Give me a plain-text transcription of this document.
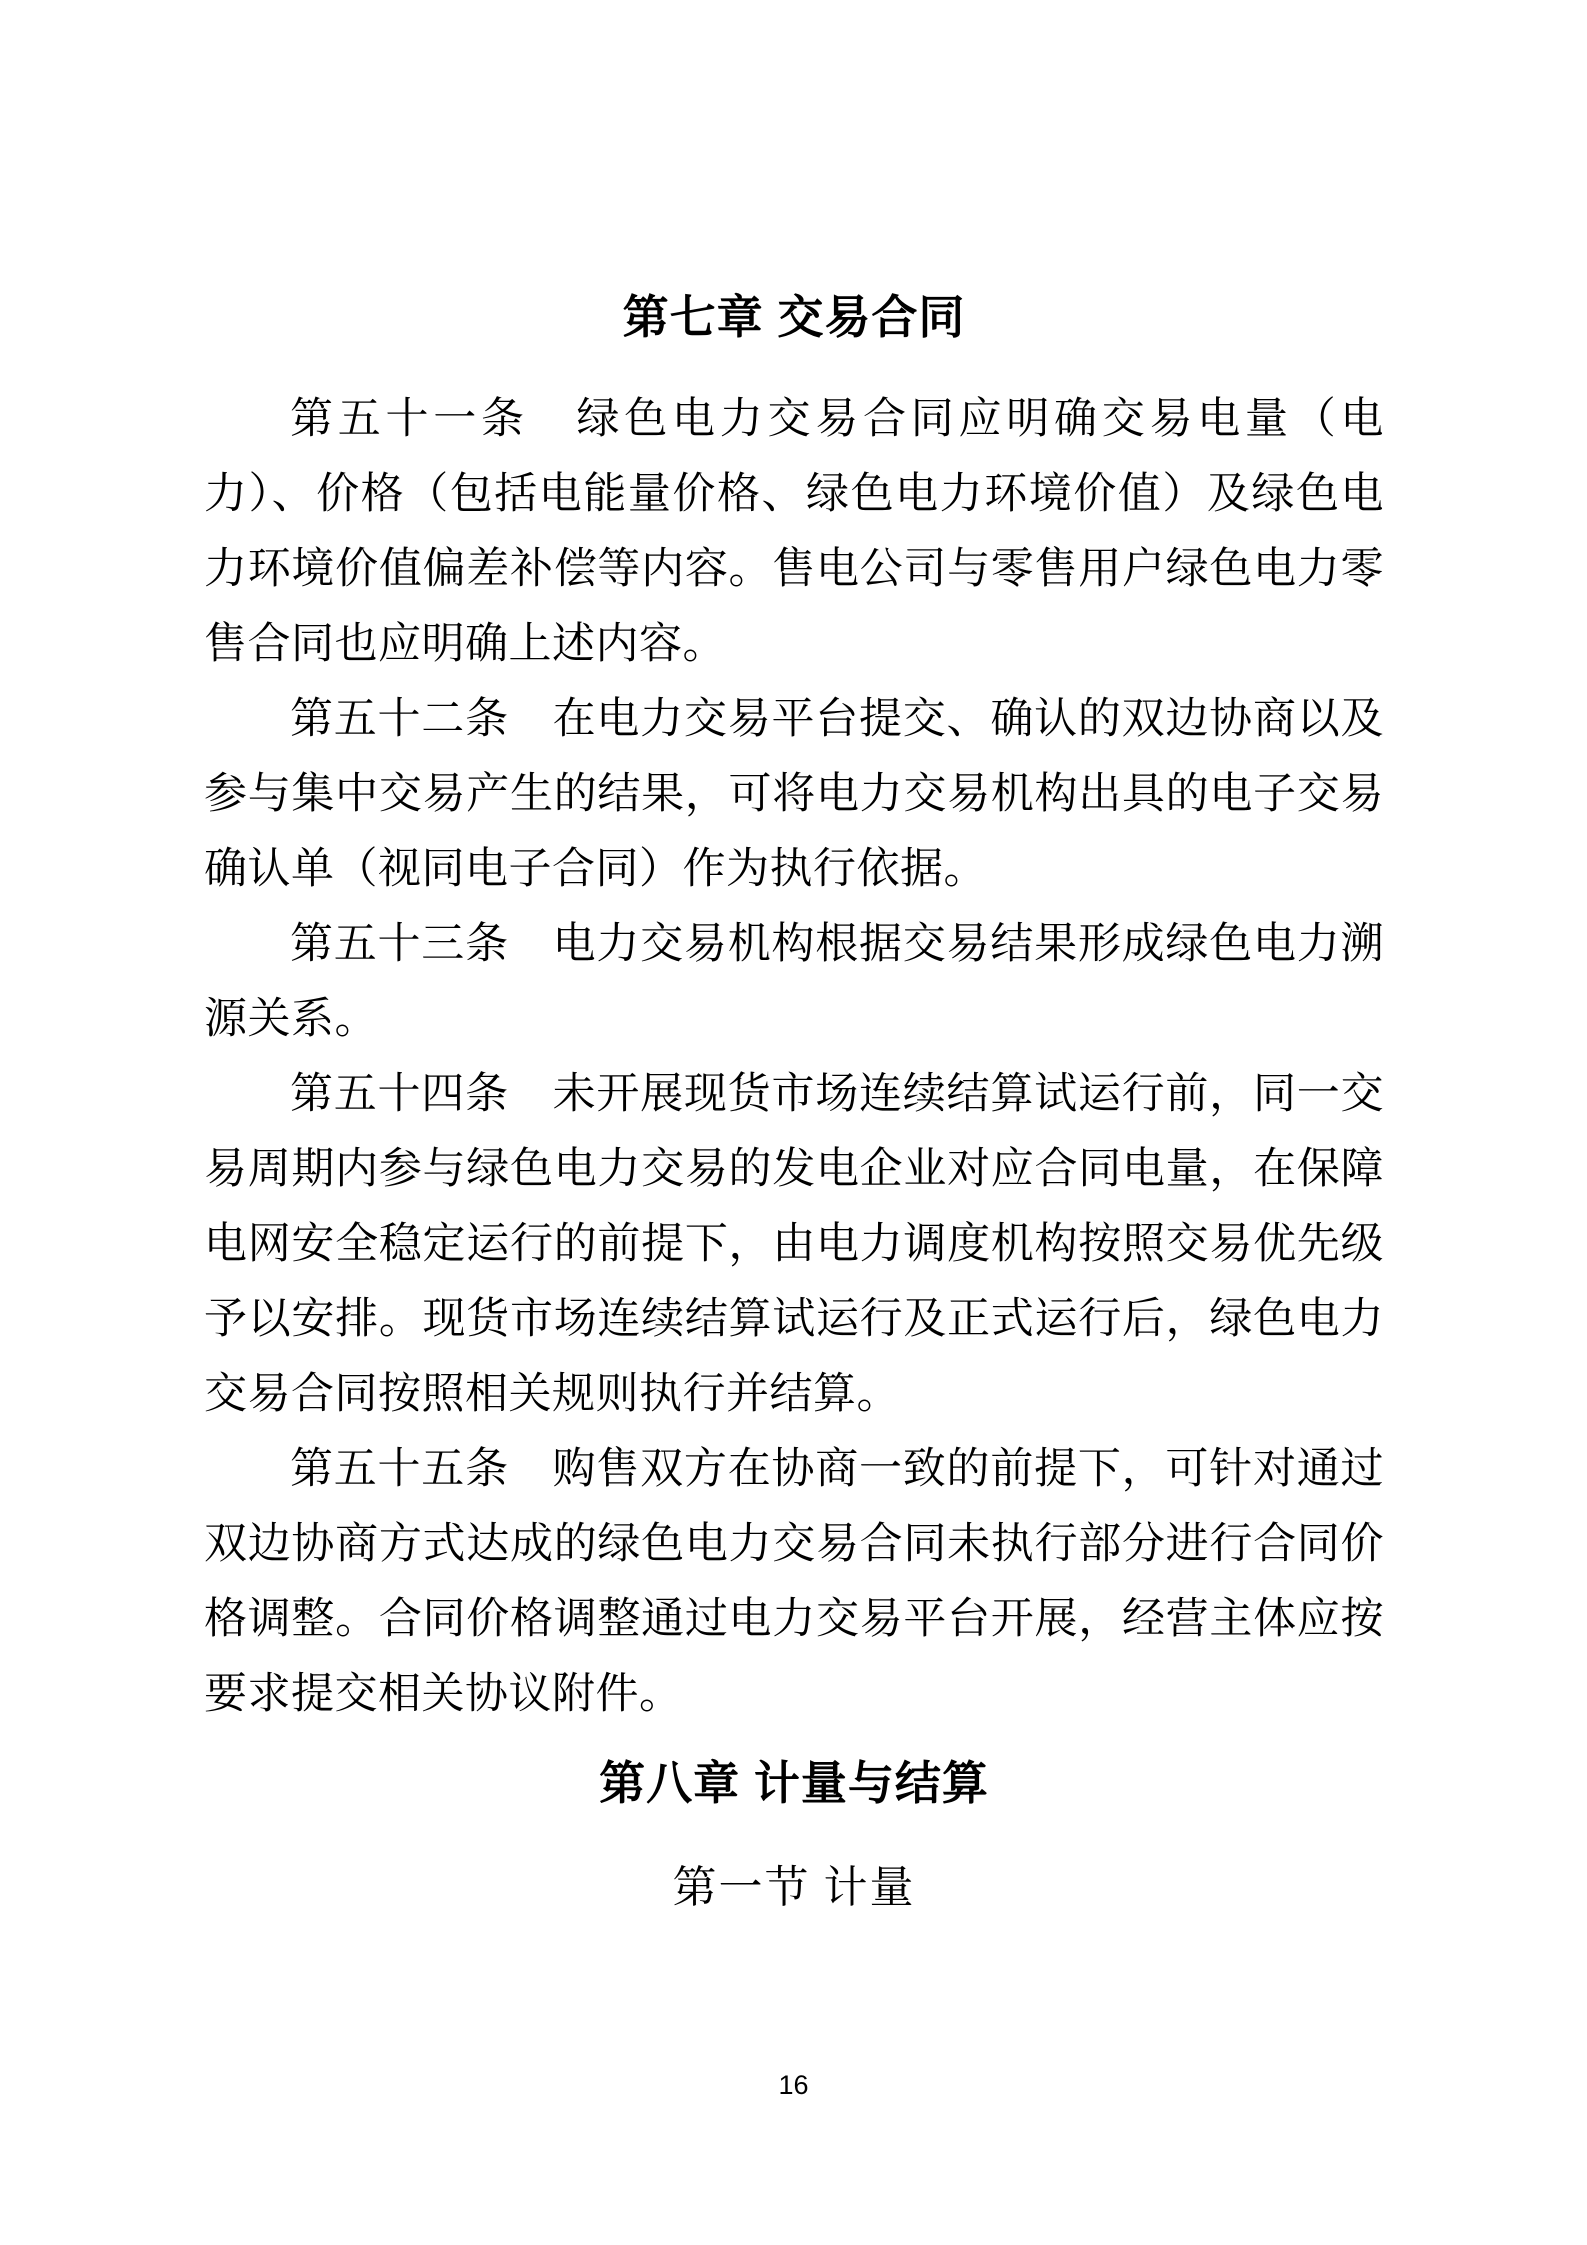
第七章 交易合同

第五十一条　绿色电力交易合同应明确交易电量（电力）、价格（包括电能量价格、绿色电力环境价值）及绿色电力环境价值偏差补偿等内容。售电公司与零售用户绿色电力零售合同也应明确上述内容。

第五十二条　在电力交易平台提交、确认的双边协商以及参与集中交易产生的结果，可将电力交易机构出具的电子交易确认单（视同电子合同）作为执行依据。

第五十三条　电力交易机构根据交易结果形成绿色电力溯源关系。

第五十四条　未开展现货市场连续结算试运行前，同一交易周期内参与绿色电力交易的发电企业对应合同电量，在保障电网安全稳定运行的前提下，由电力调度机构按照交易优先级予以安排。现货市场连续结算试运行及正式运行后，绿色电力交易合同按照相关规则执行并结算。

第五十五条　购售双方在协商一致的前提下，可针对通过双边协商方式达成的绿色电力交易合同未执行部分进行合同价格调整。合同价格调整通过电力交易平台开展，经营主体应按要求提交相关协议附件。

第八章 计量与结算
第一节 计量
16
